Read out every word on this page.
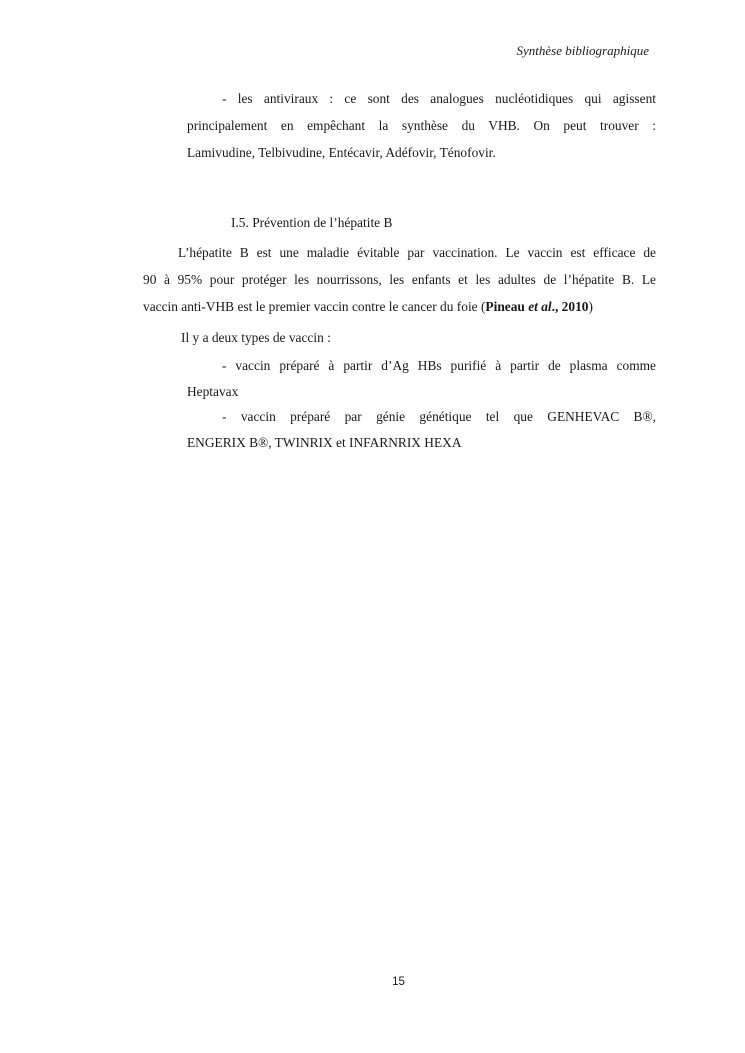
Synthèse bibliographique
- les antiviraux : ce sont des analogues nucléotidiques qui agissent
principalement en empêchant la synthèse du VHB. On peut trouver :
Lamivudine, Telbivudine, Entécavir, Adéfovir, Ténofovir.
I.5. Prévention de l’hépatite B
L’hépatite B est une maladie évitable par vaccination. Le vaccin est efficace de
90 à 95% pour protéger les nourrissons, les enfants et les adultes de l’hépatite B. Le
vaccin anti-VHB est le premier vaccin contre le cancer du foie (Pineau et al., 2010)
Il y a deux types de vaccin :
- vaccin préparé à partir d’Ag HBs purifié à partir de plasma comme
Heptavax
- vaccin préparé par génie génétique tel que GENHEVAC B®,
ENGERIX B®, TWINRIX et INFARNRIX HEXA
15
